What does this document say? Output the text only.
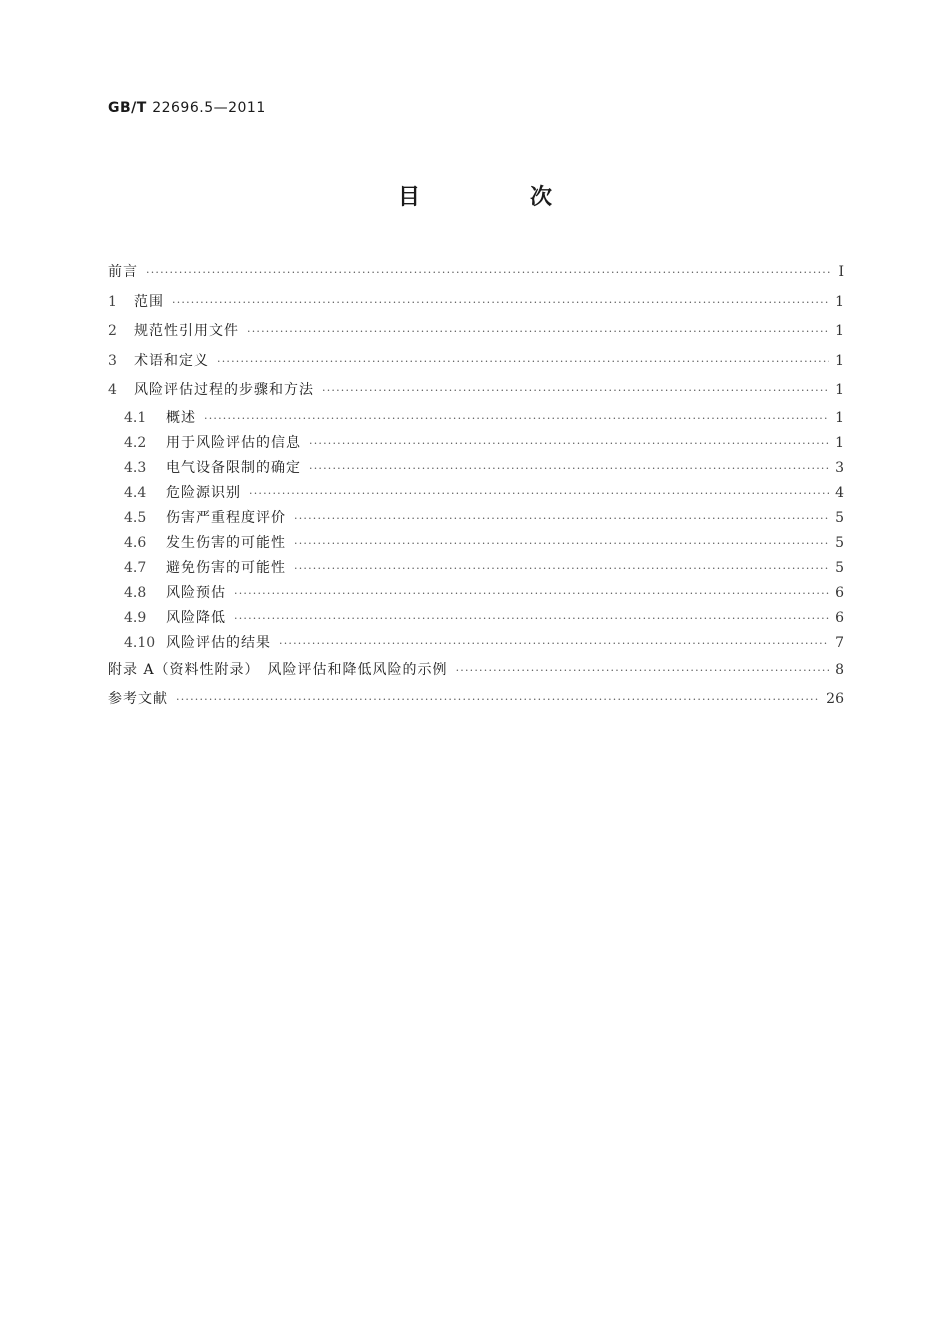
GB/T 22696.5—2011
目　次
前言 ·····	Ⅰ
1	范围 ·····	1
2	规范性引用文件 ·····	1
3	术语和定义 ·····	1
4	风险评估过程的步骤和方法 ·····	1
4.1	概述 ·····	1
4.2	用于风险评估的信息 ·····	1
4.3	电气设备限制的确定 ·····	3
4.4	危险源识别 ·····	4
4.5	伤害严重程度评价 ·····	5
4.6	发生伤害的可能性 ·····	5
4.7	避免伤害的可能性 ·····	5
4.8	风险预估 ·····	6
4.9	风险降低 ·····	6
4.10 风险评估的结果 ·····	7
附录 A（资料性附录）　风险评估和降低风险的示例 ·····	8
参考文献 ·····	26
